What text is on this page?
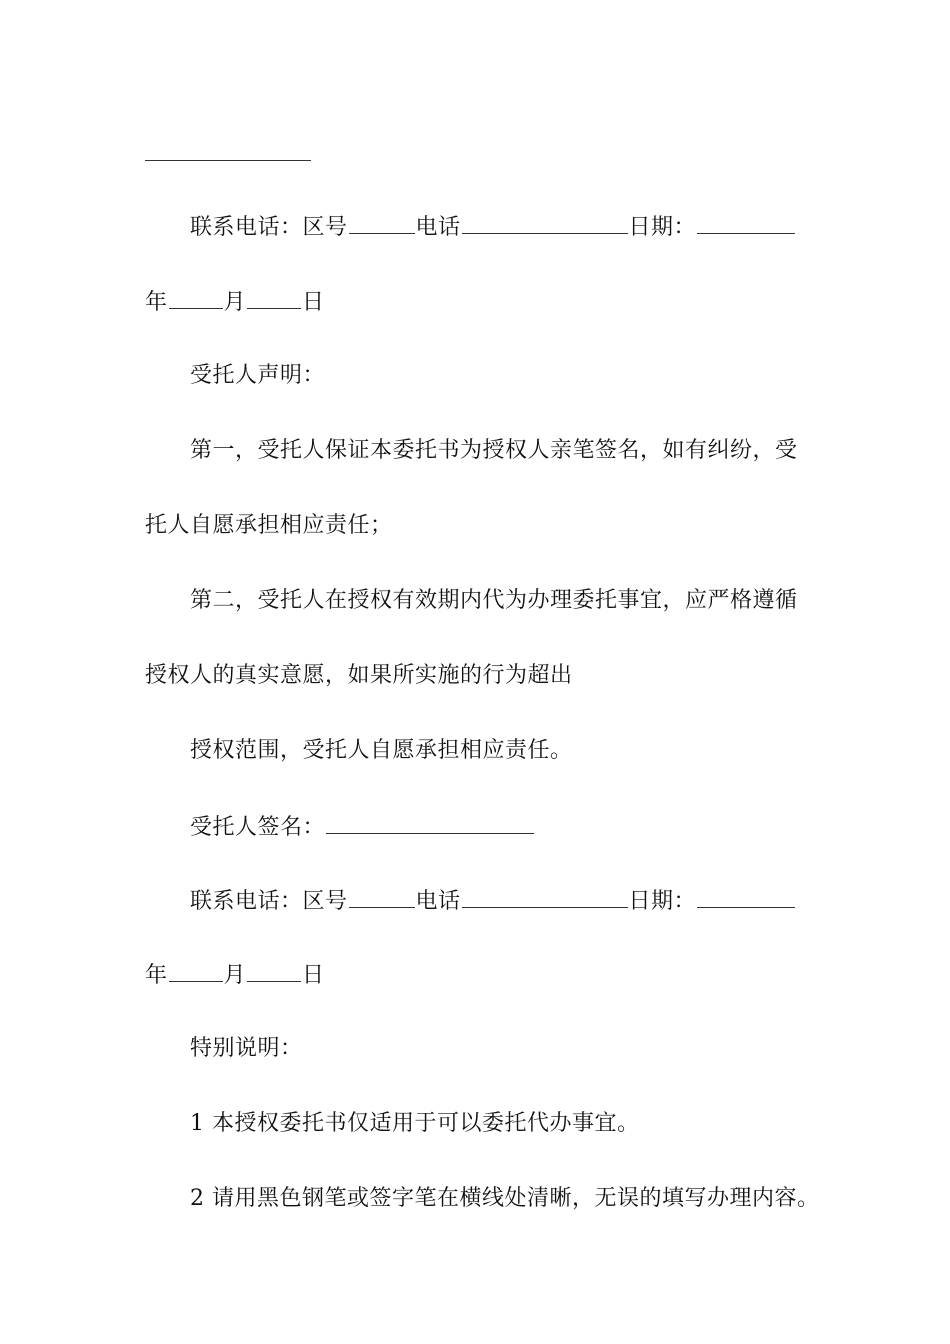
联系电话：区号	电话	日期：
年	月	日
受托人声明：
第一，受托人保证本委托书为授权人亲笔签名，如有纠纷，受
托人自愿承担相应责任；
第二，受托人在授权有效期内代为办理委托事宜，应严格遵循
授权人的真实意愿，如果所实施的行为超出
授权范围，受托人自愿承担相应责任。
受托人签名：
联系电话：区号	电话	日期：
年	月	日
特别说明：
1 本授权委托书仅适用于可以委托代办事宜。
2 请用黑色钢笔或签字笔在横线处清晰，无误的填写办理内容。
